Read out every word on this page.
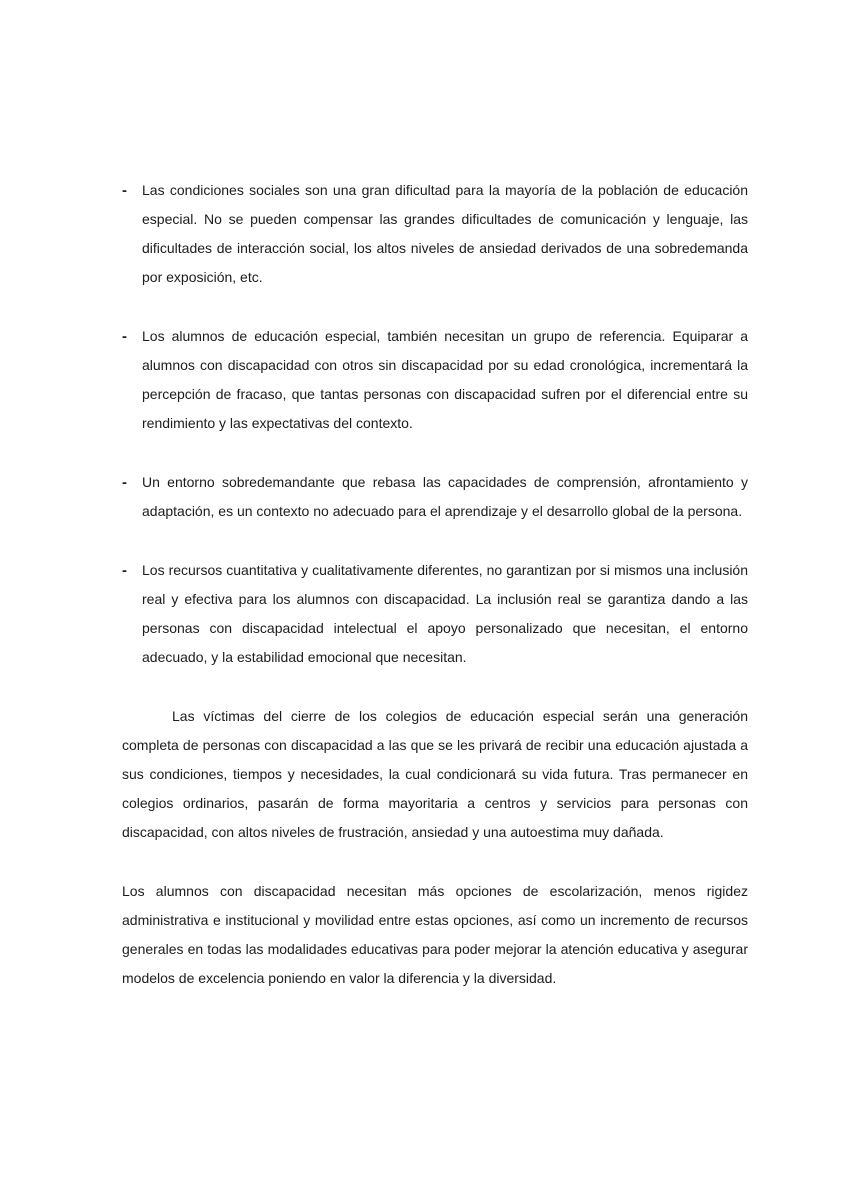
- Las condiciones sociales son una gran dificultad para la mayoría de la población de educación especial. No se pueden compensar las grandes dificultades de comunicación y lenguaje, las dificultades de interacción social, los altos niveles de ansiedad derivados de una sobredemanda por exposición, etc.
- Los alumnos de educación especial, también necesitan un grupo de referencia. Equiparar a alumnos con discapacidad con otros sin discapacidad por su edad cronológica, incrementará la percepción de fracaso, que tantas personas con discapacidad sufren por el diferencial entre su rendimiento y las expectativas del contexto.
- Un entorno sobredemandante que rebasa las capacidades de comprensión, afrontamiento y adaptación, es un contexto no adecuado para el aprendizaje y el desarrollo global de la persona.
- Los recursos cuantitativa y cualitativamente diferentes, no garantizan por si mismos una inclusión real y efectiva para los alumnos con discapacidad. La inclusión real se garantiza dando a las personas con discapacidad intelectual el apoyo personalizado que necesitan, el entorno adecuado, y la estabilidad emocional que necesitan.

Las víctimas del cierre de los colegios de educación especial serán una generación completa de personas con discapacidad a las que se les privará de recibir una educación ajustada a sus condiciones, tiempos y necesidades, la cual condicionará su vida futura. Tras permanecer en colegios ordinarios, pasarán de forma mayoritaria a centros y servicios para personas con discapacidad, con altos niveles de frustración, ansiedad y una autoestima muy dañada.

Los alumnos con discapacidad necesitan más opciones de escolarización, menos rigidez administrativa e institucional y movilidad entre estas opciones, así como un incremento de recursos generales en todas las modalidades educativas para poder mejorar la atención educativa y asegurar modelos de excelencia poniendo en valor la diferencia y la diversidad.
